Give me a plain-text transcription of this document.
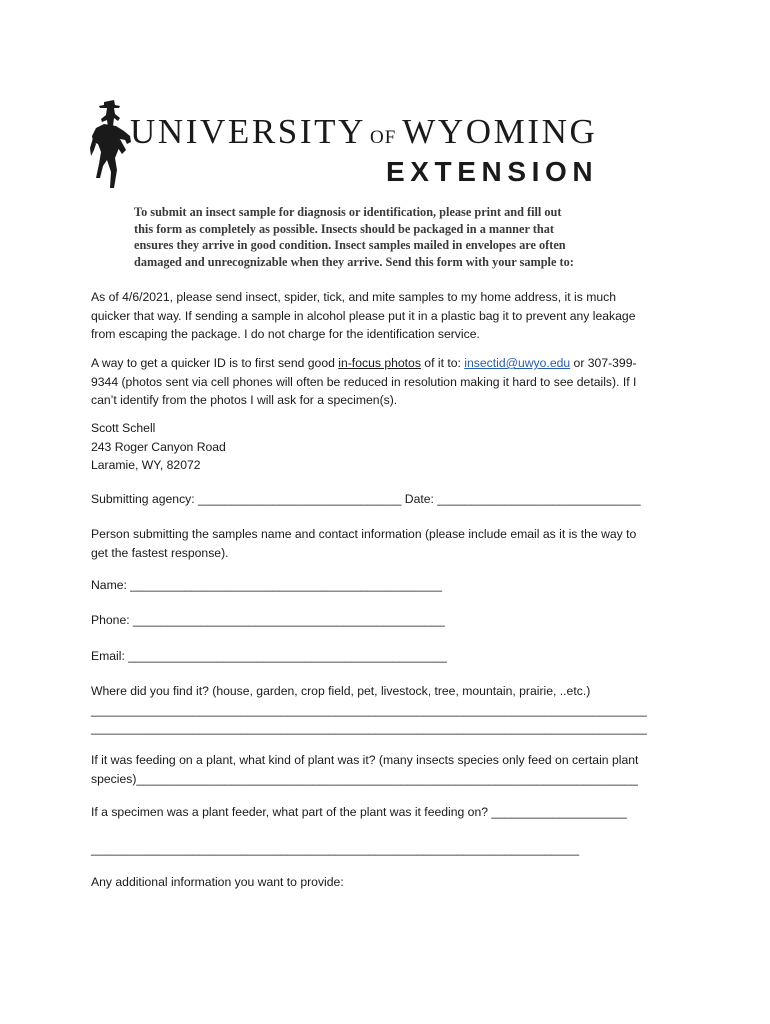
UNIVERSITY OF WYOMING
EXTENSION
To submit an insect sample for diagnosis or identification, please print and fill out
this form as completely as possible. Insects should be packaged in a manner that
ensures they arrive in good condition. Insect samples mailed in envelopes are often
damaged and unrecognizable when they arrive. Send this form with your sample to:
As of 4/6/2021, please send insect, spider, tick, and mite samples to my home address, it is much
quicker that way. If sending a sample in alcohol please put it in a plastic bag it to prevent any leakage
from escaping the package. I do not charge for the identification service.
A way to get a quicker ID is to first send good in-focus photos of it to: insectid@uwyo.edu or 307-399-
9344 (photos sent via cell phones will often be reduced in resolution making it hard to see details). If I
can’t identify from the photos I will ask for a specimen(s).
Scott Schell
243 Roger Canyon Road
Laramie, WY, 82072
Submitting agency: ______________________________ Date: ______________________________
Person submitting the samples name and contact information (please include email as it is the way to
get the fastest response).
Name: ______________________________________________
Phone: ______________________________________________
Email: _______________________________________________
Where did you find it? (house, garden, crop field, pet, livestock, tree, mountain, prairie, ..etc.)
__________________________________________________________________________________
__________________________________________________________________________________
If it was feeding on a plant, what kind of plant was it? (many insects species only feed on certain plant
species)__________________________________________________________________________
If a specimen was a plant feeder, what part of the plant was it feeding on? ____________________
________________________________________________________________________
Any additional information you want to provide:
